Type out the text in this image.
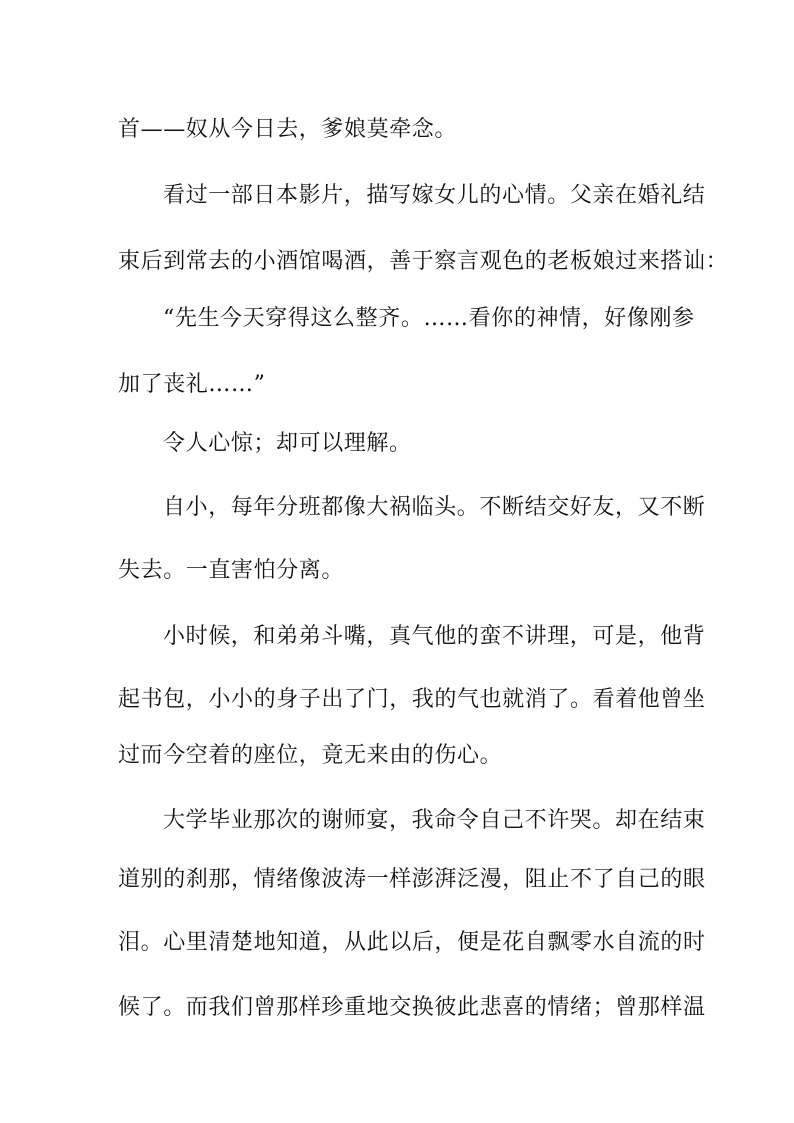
首——奴从今日去，爹娘莫牵念。
看过一部日本影片，描写嫁女儿的心情。父亲在婚礼结
束后到常去的小酒馆喝酒，善于察言观色的老板娘过来搭讪：
“先生今天穿得这么整齐。……看你的神情，好像刚参
加了丧礼……”
令人心惊；却可以理解。
自小，每年分班都像大祸临头。不断结交好友，又不断
失去。一直害怕分离。
小时候，和弟弟斗嘴，真气他的蛮不讲理，可是，他背
起书包，小小的身子出了门，我的气也就消了。看着他曾坐
过而今空着的座位，竟无来由的伤心。
大学毕业那次的谢师宴，我命令自己不许哭。却在结束
道别的刹那，情绪像波涛一样澎湃泛漫，阻止不了自己的眼
泪。心里清楚地知道，从此以后，便是花自飘零水自流的时
候了。而我们曾那样珍重地交换彼此悲喜的情绪；曾那样温
